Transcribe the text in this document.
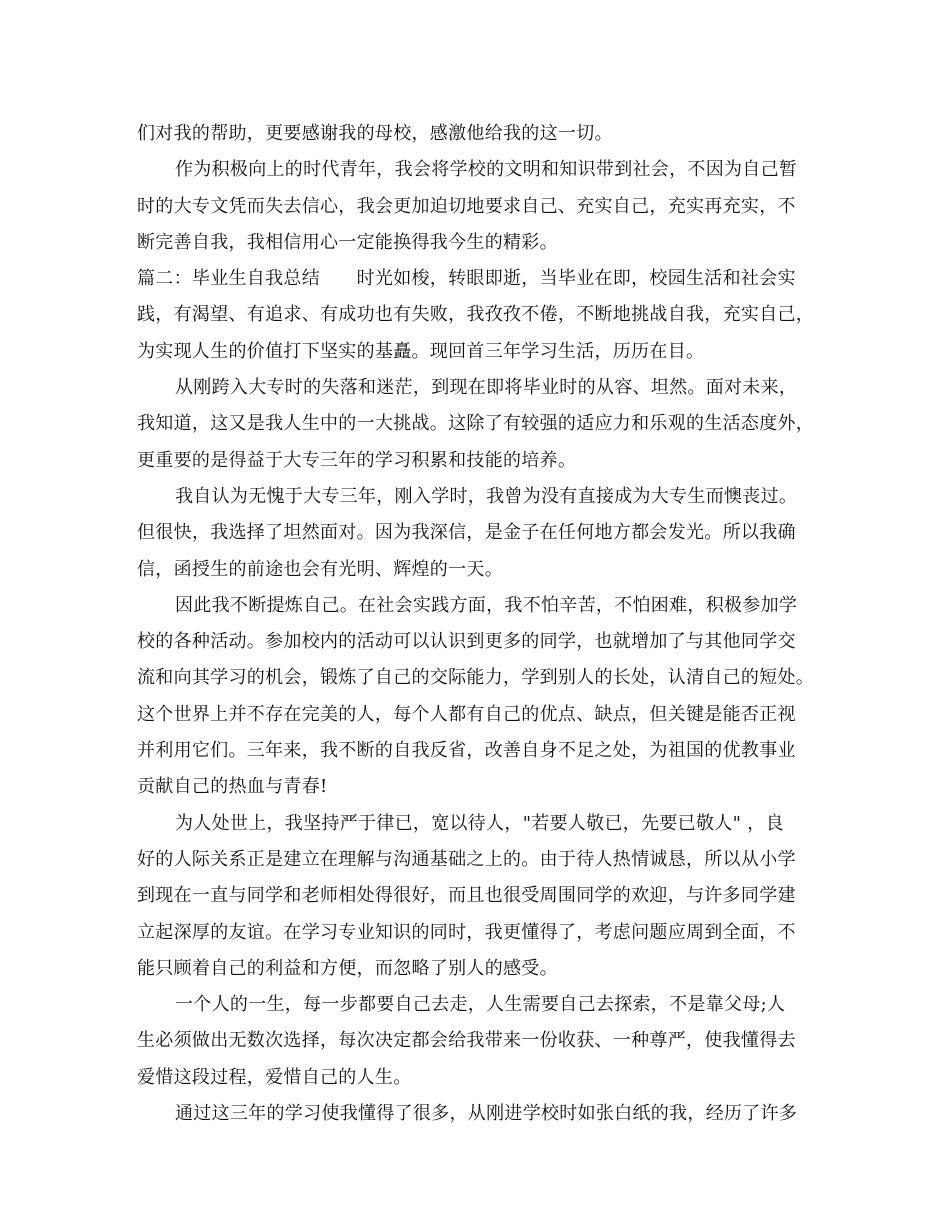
们对我的帮助，更要感谢我的母校，感激他给我的这一切。
作为积极向上的时代青年，我会将学校的文明和知识带到社会，不因为自己暂
时的大专文凭而失去信心，我会更加迫切地要求自己、充实自己，充实再充实，不
断完善自我，我相信用心一定能换得我今生的精彩。
篇二：毕业生自我总结　　时光如梭，转眼即逝，当毕业在即，校园生活和社会实
践，有渴望、有追求、有成功也有失败，我孜孜不倦，不断地挑战自我，充实自己，
为实现人生的价值打下坚实的基矗。现回首三年学习生活，历历在目。
从刚跨入大专时的失落和迷茫，到现在即将毕业时的从容、坦然。面对未来，
我知道，这又是我人生中的一大挑战。这除了有较强的适应力和乐观的生活态度外，
更重要的是得益于大专三年的学习积累和技能的培养。
我自认为无愧于大专三年，刚入学时，我曾为没有直接成为大专生而懊丧过。
但很快，我选择了坦然面对。因为我深信，是金子在任何地方都会发光。所以我确
信，函授生的前途也会有光明、辉煌的一天。
因此我不断提炼自己。在社会实践方面，我不怕辛苦，不怕困难，积极参加学
校的各种活动。参加校内的活动可以认识到更多的同学，也就增加了与其他同学交
流和向其学习的机会，锻炼了自己的交际能力，学到别人的长处，认清自己的短处。
这个世界上并不存在完美的人，每个人都有自己的优点、缺点，但关键是能否正视
并利用它们。三年来，我不断的自我反省，改善自身不足之处，为祖国的优教事业
贡献自己的热血与青春!
为人处世上，我坚持严于律已，宽以待人，"若要人敬已，先要已敬人" ，良
好的人际关系正是建立在理解与沟通基础之上的。由于待人热情诚恳，所以从小学
到现在一直与同学和老师相处得很好，而且也很受周围同学的欢迎，与许多同学建
立起深厚的友谊。在学习专业知识的同时，我更懂得了，考虑问题应周到全面，不
能只顾着自己的利益和方便，而忽略了别人的感受。
一个人的一生，每一步都要自己去走，人生需要自己去探索，不是靠父母;人
生必须做出无数次选择，每次决定都会给我带来一份收获、一种尊严，使我懂得去
爱惜这段过程，爱惜自己的人生。
通过这三年的学习使我懂得了很多，从刚进学校时如张白纸的我，经历了许多
